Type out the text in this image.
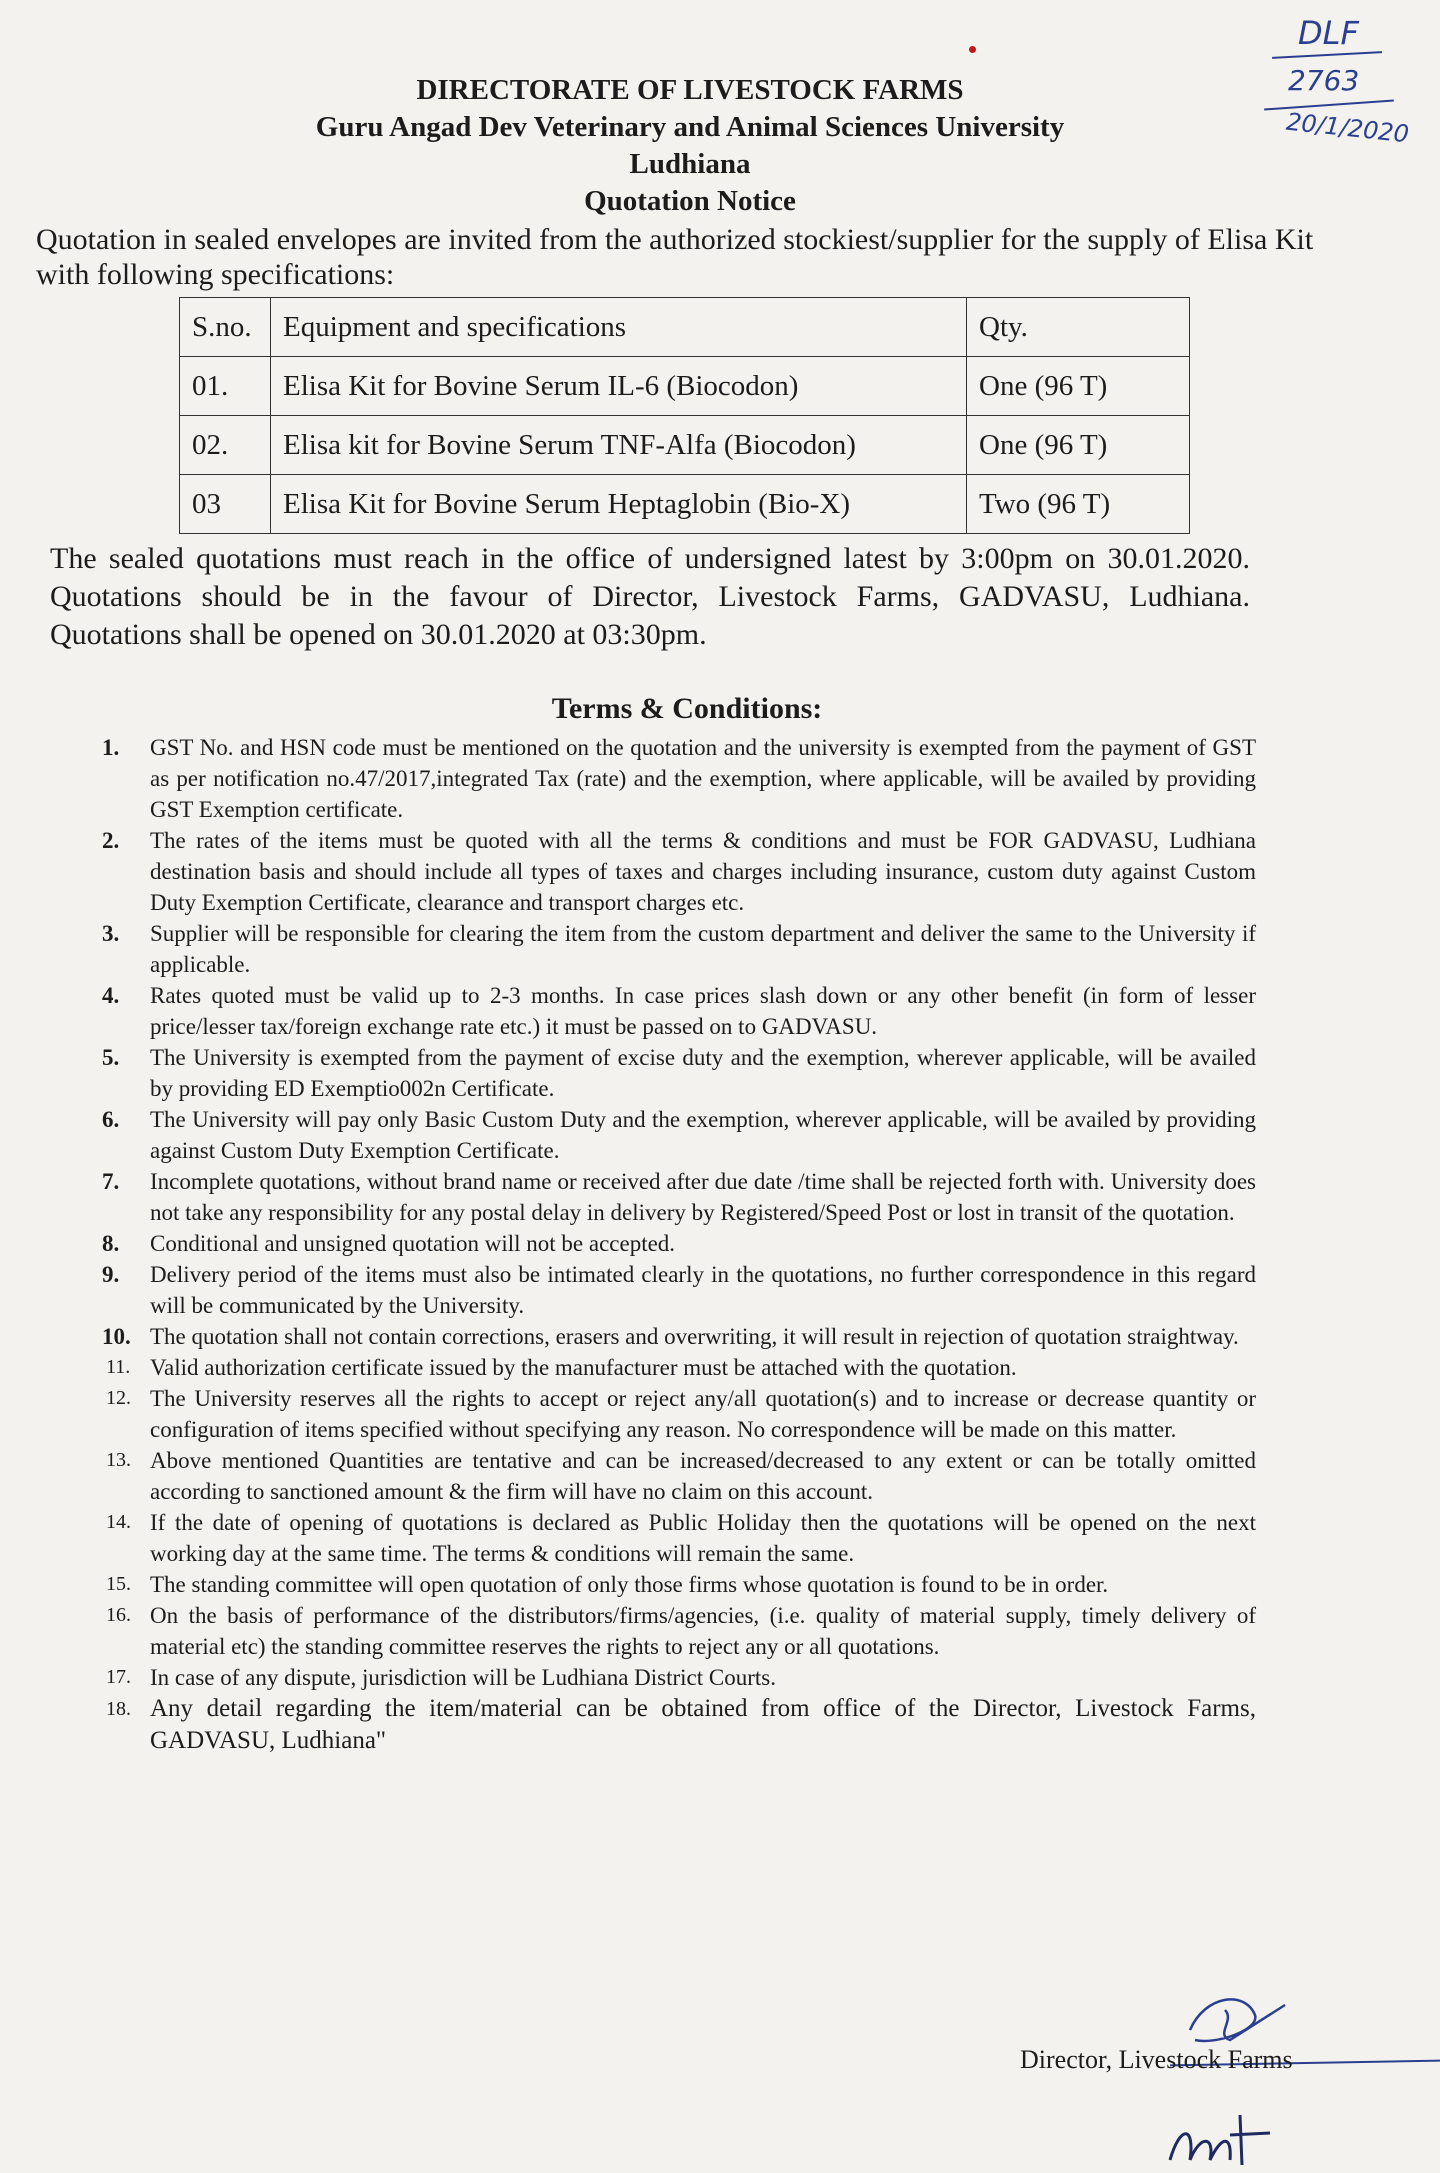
DLF
2763
20/1/2020
DIRECTORATE OF LIVESTOCK FARMS
Guru Angad Dev Veterinary and Animal Sciences University
Ludhiana
Quotation Notice
Quotation in sealed envelopes are invited from the authorized stockiest/supplier for the supply of Elisa Kit with following specifications:
S.no.	Equipment and specifications	Qty.
01.	Elisa Kit for Bovine Serum IL-6 (Biocodon)	One (96 T)
02.	Elisa kit for Bovine Serum TNF-Alfa (Biocodon)	One (96 T)
03	Elisa Kit for Bovine Serum Heptaglobin (Bio-X)	Two (96 T)
The sealed quotations must reach in the office of undersigned latest by 3:00pm on 30.01.2020. Quotations should be in the favour of Director, Livestock Farms, GADVASU, Ludhiana. Quotations shall be opened on 30.01.2020 at 03:30pm.
Terms & Conditions:
1. GST No. and HSN code must be mentioned on the quotation and the university is exempted from the payment of GST as per notification no.47/2017,integrated Tax (rate) and the exemption, where applicable, will be availed by providing GST Exemption certificate.
2. The rates of the items must be quoted with all the terms & conditions and must be FOR GADVASU, Ludhiana destination basis and should include all types of taxes and charges including insurance, custom duty against Custom Duty Exemption Certificate, clearance and transport charges etc.
3. Supplier will be responsible for clearing the item from the custom department and deliver the same to the University if applicable.
4. Rates quoted must be valid up to 2-3 months. In case prices slash down or any other benefit (in form of lesser price/lesser tax/foreign exchange rate etc.) it must be passed on to GADVASU.
5. The University is exempted from the payment of excise duty and the exemption, wherever applicable, will be availed by providing ED Exemptio002n Certificate.
6. The University will pay only Basic Custom Duty and the exemption, wherever applicable, will be availed by providing against Custom Duty Exemption Certificate.
7. Incomplete quotations, without brand name or received after due date /time shall be rejected forth with. University does not take any responsibility for any postal delay in delivery by Registered/Speed Post or lost in transit of the quotation.
8. Conditional and unsigned quotation will not be accepted.
9. Delivery period of the items must also be intimated clearly in the quotations, no further correspondence in this regard will be communicated by the University.
10. The quotation shall not contain corrections, erasers and overwriting, it will result in rejection of quotation straightway.
11. Valid authorization certificate issued by the manufacturer must be attached with the quotation.
12. The University reserves all the rights to accept or reject any/all quotation(s) and to increase or decrease quantity or configuration of items specified without specifying any reason. No correspondence will be made on this matter.
13. Above mentioned Quantities are tentative and can be increased/decreased to any extent or can be totally omitted according to sanctioned amount & the firm will have no claim on this account.
14. If the date of opening of quotations is declared as Public Holiday then the quotations will be opened on the next working day at the same time. The terms & conditions will remain the same.
15. The standing committee will open quotation of only those firms whose quotation is found to be in order.
16. On the basis of performance of the distributors/firms/agencies, (i.e. quality of material supply, timely delivery of material etc) the standing committee reserves the rights to reject any or all quotations.
17. In case of any dispute, jurisdiction will be Ludhiana District Courts.
18. Any detail regarding the item/material can be obtained from office of the Director, Livestock Farms, GADVASU, Ludhiana"
Director, Livestock Farms
